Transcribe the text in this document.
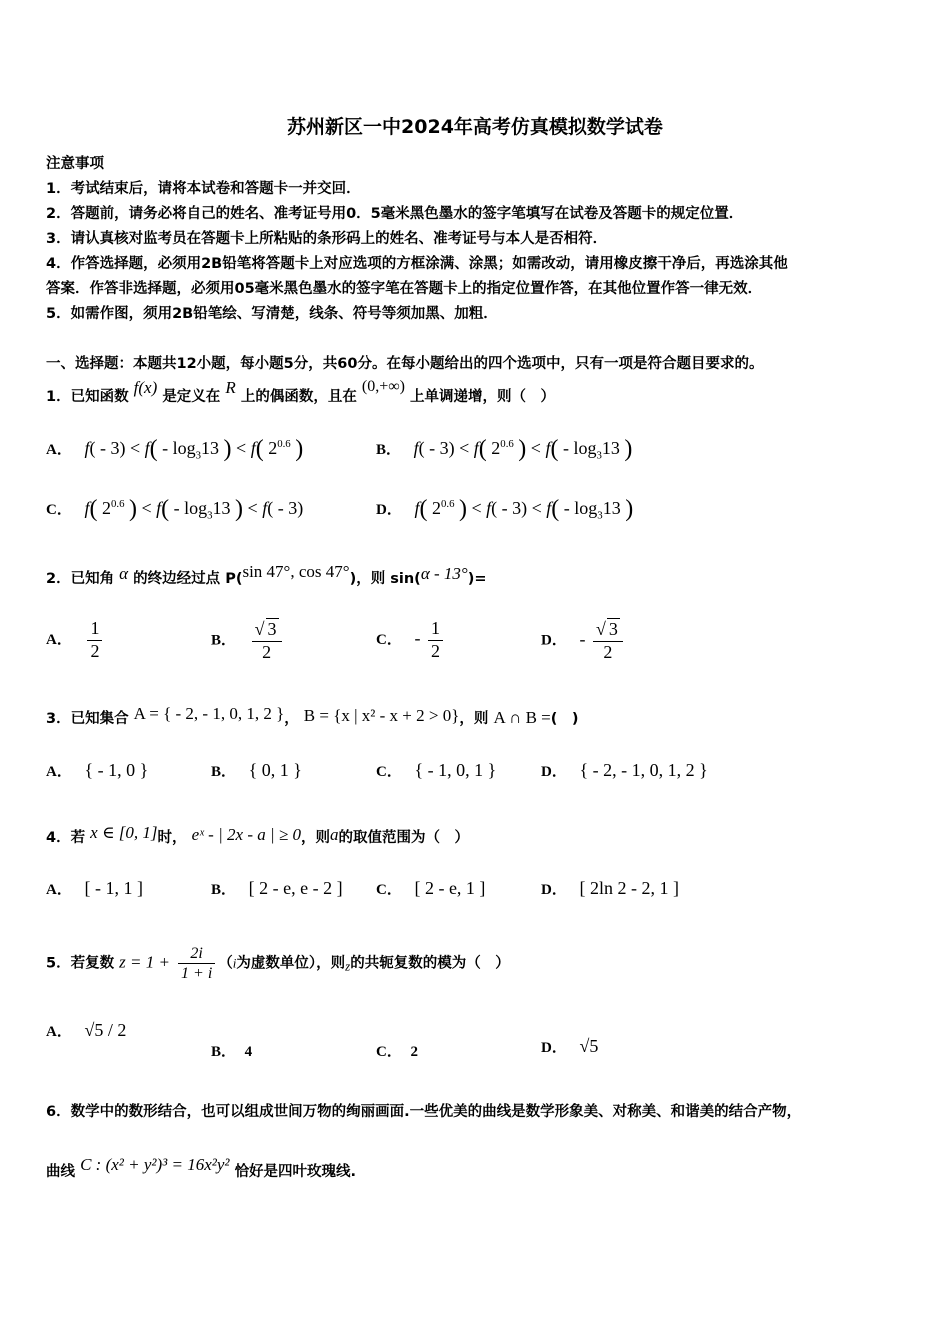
苏州新区一中2024年高考仿真模拟数学试卷
注意事项
1．考试结束后，请将本试卷和答题卡一并交回．
2．答题前，请务必将自己的姓名、准考证号用0．5毫米黑色墨水的签字笔填写在试卷及答题卡的规定位置．
3．请认真核对监考员在答题卡上所粘贴的条形码上的姓名、准考证号与本人是否相符．
4．作答选择题，必须用2B铅笔将答题卡上对应选项的方框涂满、涂黑；如需改动，请用橡皮擦干净后，再选涂其他
答案．作答非选择题，必须用05毫米黑色墨水的签字笔在答题卡上的指定位置作答，在其他位置作答一律无效．
5．如需作图，须用2B铅笔绘、写清楚，线条、符号等须加黑、加粗．
一、选择题：本题共12小题，每小题5分，共60分。在每小题给出的四个选项中，只有一项是符合题目要求的。
1．已知函数 f(x) 是定义在 R 上的偶函数，且在 (0,+∞) 上单调递增，则（　）
A． $f( - 3) < f( - \log_313$ ) < f( $2^{0.6}$ )	B． f( - 3) < f( $2^{0.6}$ ) < $f( - \log_313$ )
C． f( $2^{0.6}$ ) < $f( - \log_313$ ) < f( - 3)	D． f( $2^{0.6}$ ) < $f( - 3) < f( - \log_313$ )
2．已知角 α 的终边经过点 P(sin 47°, cos 47°)，则 sin(α - 13°)=
A． $\frac{1}{2}$	B． $\frac{√ 3}{2}$	C． - $\frac{1}{2}$	D． - $\frac{√ 3}{2}$
3．已知集合 A = { - 2, - 1, 0, 1, 2 }， B = {x | x² - x + 2 > 0}，则 A ∩ B =(　)
A． { - 1, 0 }	B． { 0, 1 }	C． { - 1, 0, 1 }	D． { - 2, - 1, 0, 1, 2 }
4．若 x ∈ [0, 1]时， eˣ - | 2x - a | ≥ 0，则a的取值范围为（　）
A． [ - 1, 1 ]	B． [ 2 - e, e - 2 ] C． [ 2 - e, 1 ]	D． [ 2ln 2 - 2, 1 ]
5．若复数 $z = 1 + \frac{2i}{1 + i} (i$为虚数单位），则z的共轭复数的模为（　）
A． √5 / 2
B． 4	C． 2	D． √5
6．数学中的数形结合，也可以组成世间万物的绚丽画面.一些优美的曲线是数学形象美、对称美、和谐美的结合产物，
曲线 C : (x² + y²)³ = 16x²y² 恰好是四叶玫瑰线.
